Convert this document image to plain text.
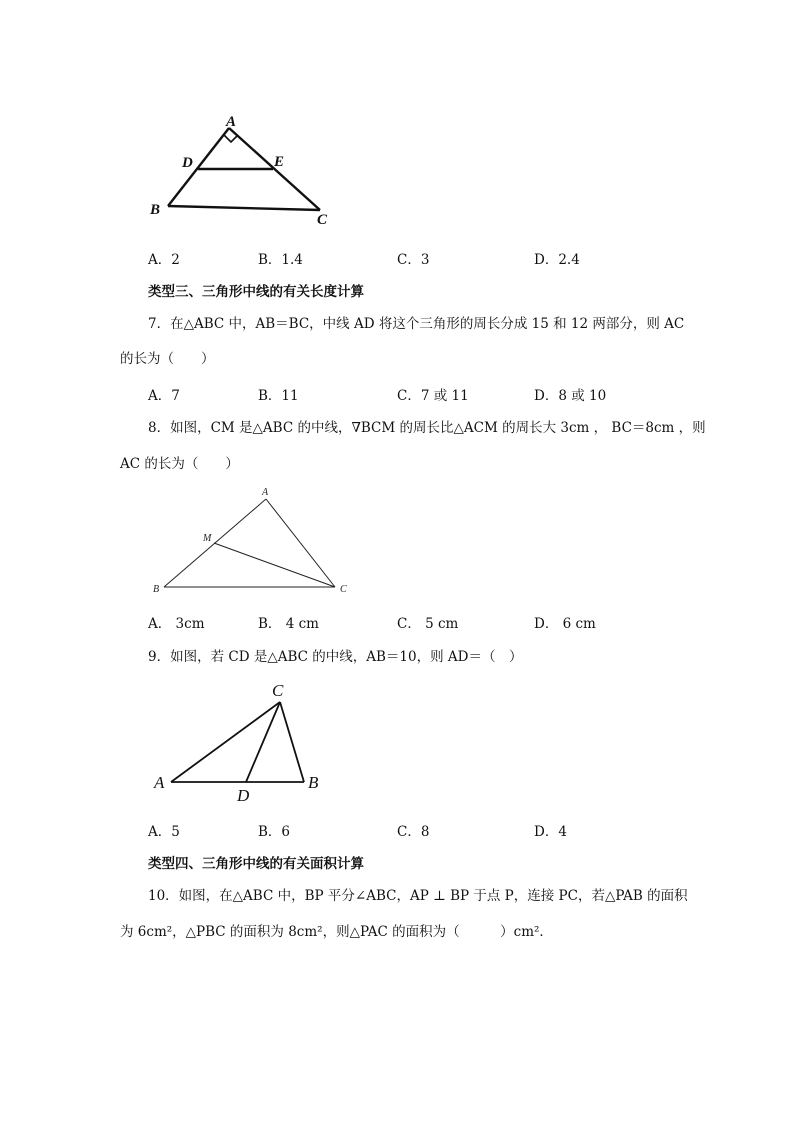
A
D	E
B
C
A．2	B．1.4	C．3	D．2.4
类型三、三角形中线的有关长度计算
7．在△ABC 中，AB＝BC，中线 AD 将这个三角形的周长分成 15 和 12 两部分，则 AC
的长为（　　）
A．7	B．11	C．7 或 11	D．8 或 10
8．如图，CM 是△ABC 的中线，∇BCM 的周长比△ACM 的周长大 3cm ， BC＝8cm ，则
AC 的长为（　　）
A
M
B	C
A． 3cm	B． 4 cm	C． 5 cm	D． 6 cm
9．如图，若 CD 是△ABC 的中线，AB＝10，则 AD＝（　）
C
A	B
D
A．5	B．6	C．8	D．4
类型四、三角形中线的有关面积计算
10．如图，在△ABC 中，BP 平分∠ABC，AP ⊥ BP 于点 P，连接 PC，若△PAB 的面积
为 6cm²，△PBC 的面积为 8cm²，则△PAC 的面积为（　　　）cm²．
